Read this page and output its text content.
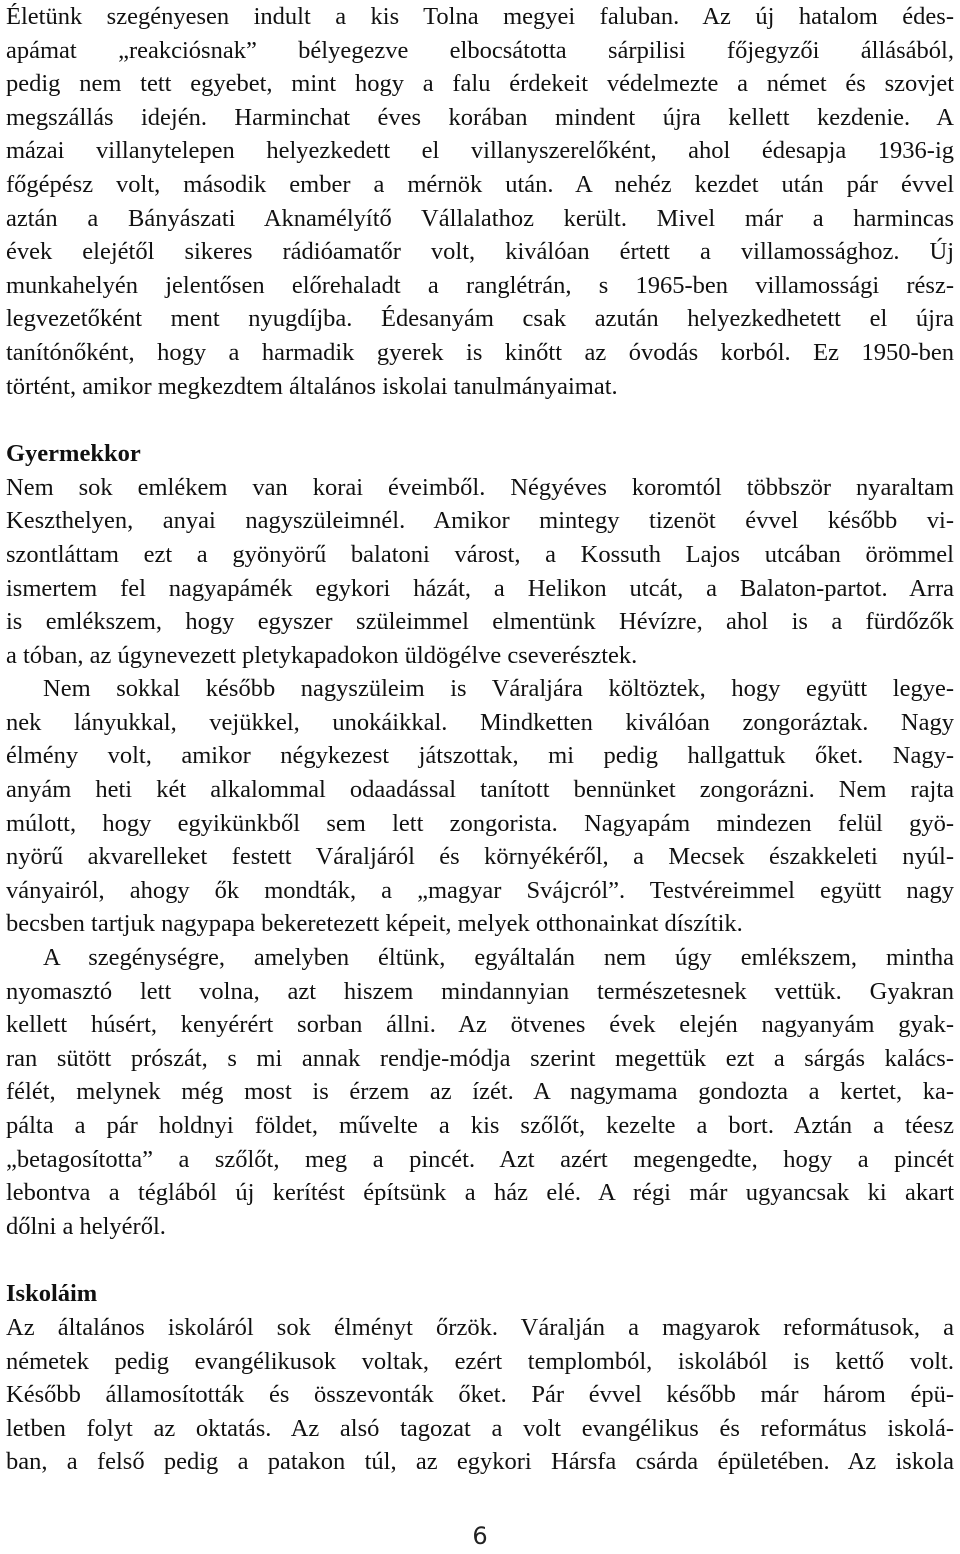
Életünk szegényesen indult a kis Tolna megyei faluban. Az új hatalom édes-
apámat „reakciósnak” bélyegezve elbocsátotta sárpilisi főjegyzői állásából,
pedig nem tett egyebet, mint hogy a falu érdekeit védelmezte a német és szovjet
megszállás idején. Harminchat éves korában mindent újra kellett kezdenie. A
mázai villanytelepen helyezkedett el villanyszerelőként, ahol édesapja 1936-ig
főgépész volt, második ember a mérnök után. A nehéz kezdet után pár évvel
aztán a Bányászati Aknamélyítő Vállalathoz került. Mivel már a harmincas
évek elejétől sikeres rádióamatőr volt, kiválóan értett a villamossághoz. Új
munkahelyén jelentősen előrehaladt a ranglétrán, s 1965-ben villamossági rész-
legvezetőként ment nyugdíjba. Édesanyám csak azután helyezkedhetett el újra
tanítónőként, hogy a harmadik gyerek is kinőtt az óvodás korból. Ez 1950-ben
történt, amikor megkezdtem általános iskolai tanulmányaimat.
Gyermekkor
Nem sok emlékem van korai éveimből. Négyéves koromtól többször nyaraltam
Keszthelyen, anyai nagyszüleimnél. Amikor mintegy tizenöt évvel később vi-
szontláttam ezt a gyönyörű balatoni várost, a Kossuth Lajos utcában örömmel
ismertem fel nagyapámék egykori házát, a Helikon utcát, a Balaton-partot. Arra
is emlékszem, hogy egyszer szüleimmel elmentünk Hévízre, ahol is a fürdőzők
a tóban, az úgynevezett pletykapadokon üldögélve cseverésztek.
Nem sokkal később nagyszüleim is Váraljára költöztek, hogy együtt legye-
nek lányukkal, vejükkel, unokáikkal. Mindketten kiválóan zongoráztak. Nagy
élmény volt, amikor négykezest játszottak, mi pedig hallgattuk őket. Nagy-
anyám heti két alkalommal odaadással tanított bennünket zongorázni. Nem rajta
múlott, hogy egyikünkből sem lett zongorista. Nagyapám mindezen felül gyö-
nyörű akvarelleket festett Váraljáról és környékéről, a Mecsek északkeleti nyúl-
ványairól, ahogy ők mondták, a „magyar Svájcról”. Testvéreimmel együtt nagy
becsben tartjuk nagypapa bekeretezett képeit, melyek otthonainkat díszítik.
A szegénységre, amelyben éltünk, egyáltalán nem úgy emlékszem, mintha
nyomasztó lett volna, azt hiszem mindannyian természetesnek vettük. Gyakran
kellett húsért, kenyérért sorban állni. Az ötvenes évek elején nagyanyám gyak-
ran sütött prószát, s mi annak rendje-módja szerint megettük ezt a sárgás kalács-
félét, melynek még most is érzem az ízét. A nagymama gondozta a kertet, ka-
pálta a pár holdnyi földet, művelte a kis szőlőt, kezelte a bort. Aztán a téesz
„betagosította” a szőlőt, meg a pincét. Azt azért megengedte, hogy a pincét
lebontva a téglából új kerítést építsünk a ház elé. A régi már ugyancsak ki akart
dőlni a helyéről.
Iskoláim
Az általános iskoláról sok élményt őrzök. Váralján a magyarok reformátusok, a
németek pedig evangélikusok voltak, ezért templomból, iskolából is kettő volt.
Később államosították és összevonták őket. Pár évvel később már három épü-
letben folyt az oktatás. Az alsó tagozat a volt evangélikus és református iskolá-
ban, a felső pedig a patakon túl, az egykori Hársfa csárda épületében. Az iskola
6
